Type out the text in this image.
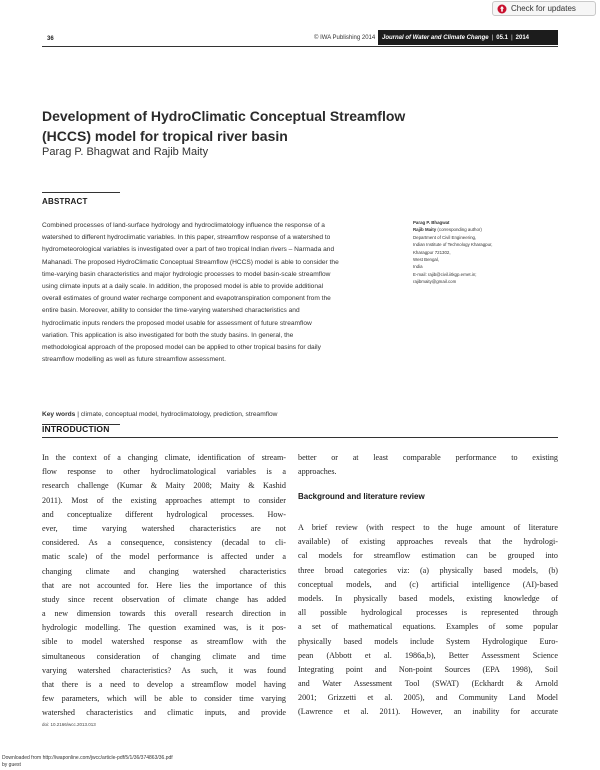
Check for updates
36	© IWA Publishing 2014 Journal of Water and Climate Change | 05.1 | 2014
Development of HydroClimatic Conceptual Streamflow
(HCCS) model for tropical river basin
Parag P. Bhagwat and Rajib Maity
ABSTRACT
Combined processes of land-surface hydrology and hydroclimatology influence the response of a
watershed to different hydroclimatic variables. In this paper, streamflow response of a watershed to
hydrometeorological variables is investigated over a part of two tropical Indian rivers – Narmada and
Mahanadi. The proposed HydroClimatic Conceptual Streamflow (HCCS) model is able to consider the
time-varying basin characteristics and major hydrologic processes to model basin-scale streamflow
using climate inputs at a daily scale. In addition, the proposed model is able to provide additional
overall estimates of ground water recharge component and evapotranspiration component from the
entire basin. Moreover, ability to consider the time-varying watershed characteristics and
hydroclimatic inputs renders the proposed model usable for assessment of future streamflow
variation. This application is also investigated for both the study basins. In general, the
methodological approach of the proposed model can be applied to other tropical basins for daily
streamflow modelling as well as future streamflow assessment.
Key words | climate, conceptual model, hydroclimatology, prediction, streamflow
Parag P. Bhagwat
Rajib Maity (corresponding author)
Department of Civil Engineering,
Indian Institute of Technology Kharagpur,
Kharagpur 721302,
West Bengal,
India
E-mail: rajib@civil.iitkgp.ernet.in;
rajibmaity@gmail.com
INTRODUCTION
In the context of a changing climate, identification of stream-
flow response to other hydroclimatological variables is a
research challenge (Kumar & Maity 2008; Maity & Kashid
2011). Most of the existing approaches attempt to consider
and conceptualize different hydrological processes. How-
ever, time varying watershed characteristics are not
considered. As a consequence, consistency (decadal to cli-
matic scale) of the model performance is affected under a
changing climate and changing watershed characteristics
that are not accounted for. Here lies the importance of this
study since recent observation of climate change has added
a new dimension towards this overall research direction in
hydrologic modelling. The question examined was, is it pos-
sible to model watershed response as streamflow with the
simultaneous consideration of changing climate and time
varying watershed characteristics? As such, it was found
that there is a need to develop a streamflow model having
few parameters, which will be able to consider time varying
watershed characteristics and climatic inputs, and provide
better or at least comparable performance to existing
approaches.
Background and literature review
A brief review (with respect to the huge amount of literature
available) of existing approaches reveals that the hydrologi-
cal models for streamflow estimation can be grouped into
three broad categories viz: (a) physically based models, (b)
conceptual models, and (c) artificial intelligence (AI)-based
models. In physically based models, existing knowledge of
all possible hydrological processes is represented through
a set of mathematical equations. Examples of some popular
physically based models include System Hydrologique Euro-
pean (Abbott et al. 1986a,b), Better Assessment Science
Integrating point and Non-point Sources (EPA 1998), Soil
and Water Assessment Tool (SWAT) (Eckhardt & Arnold
2001; Grizzetti et al. 2005), and Community Land Model
(Lawrence et al. 2011). However, an inability for accurate
doi: 10.2166/wcc.2013.013
Downloaded from http://iwaponline.com/jwcc/article-pdf/5/1/36/374863/36.pdf
by guest
